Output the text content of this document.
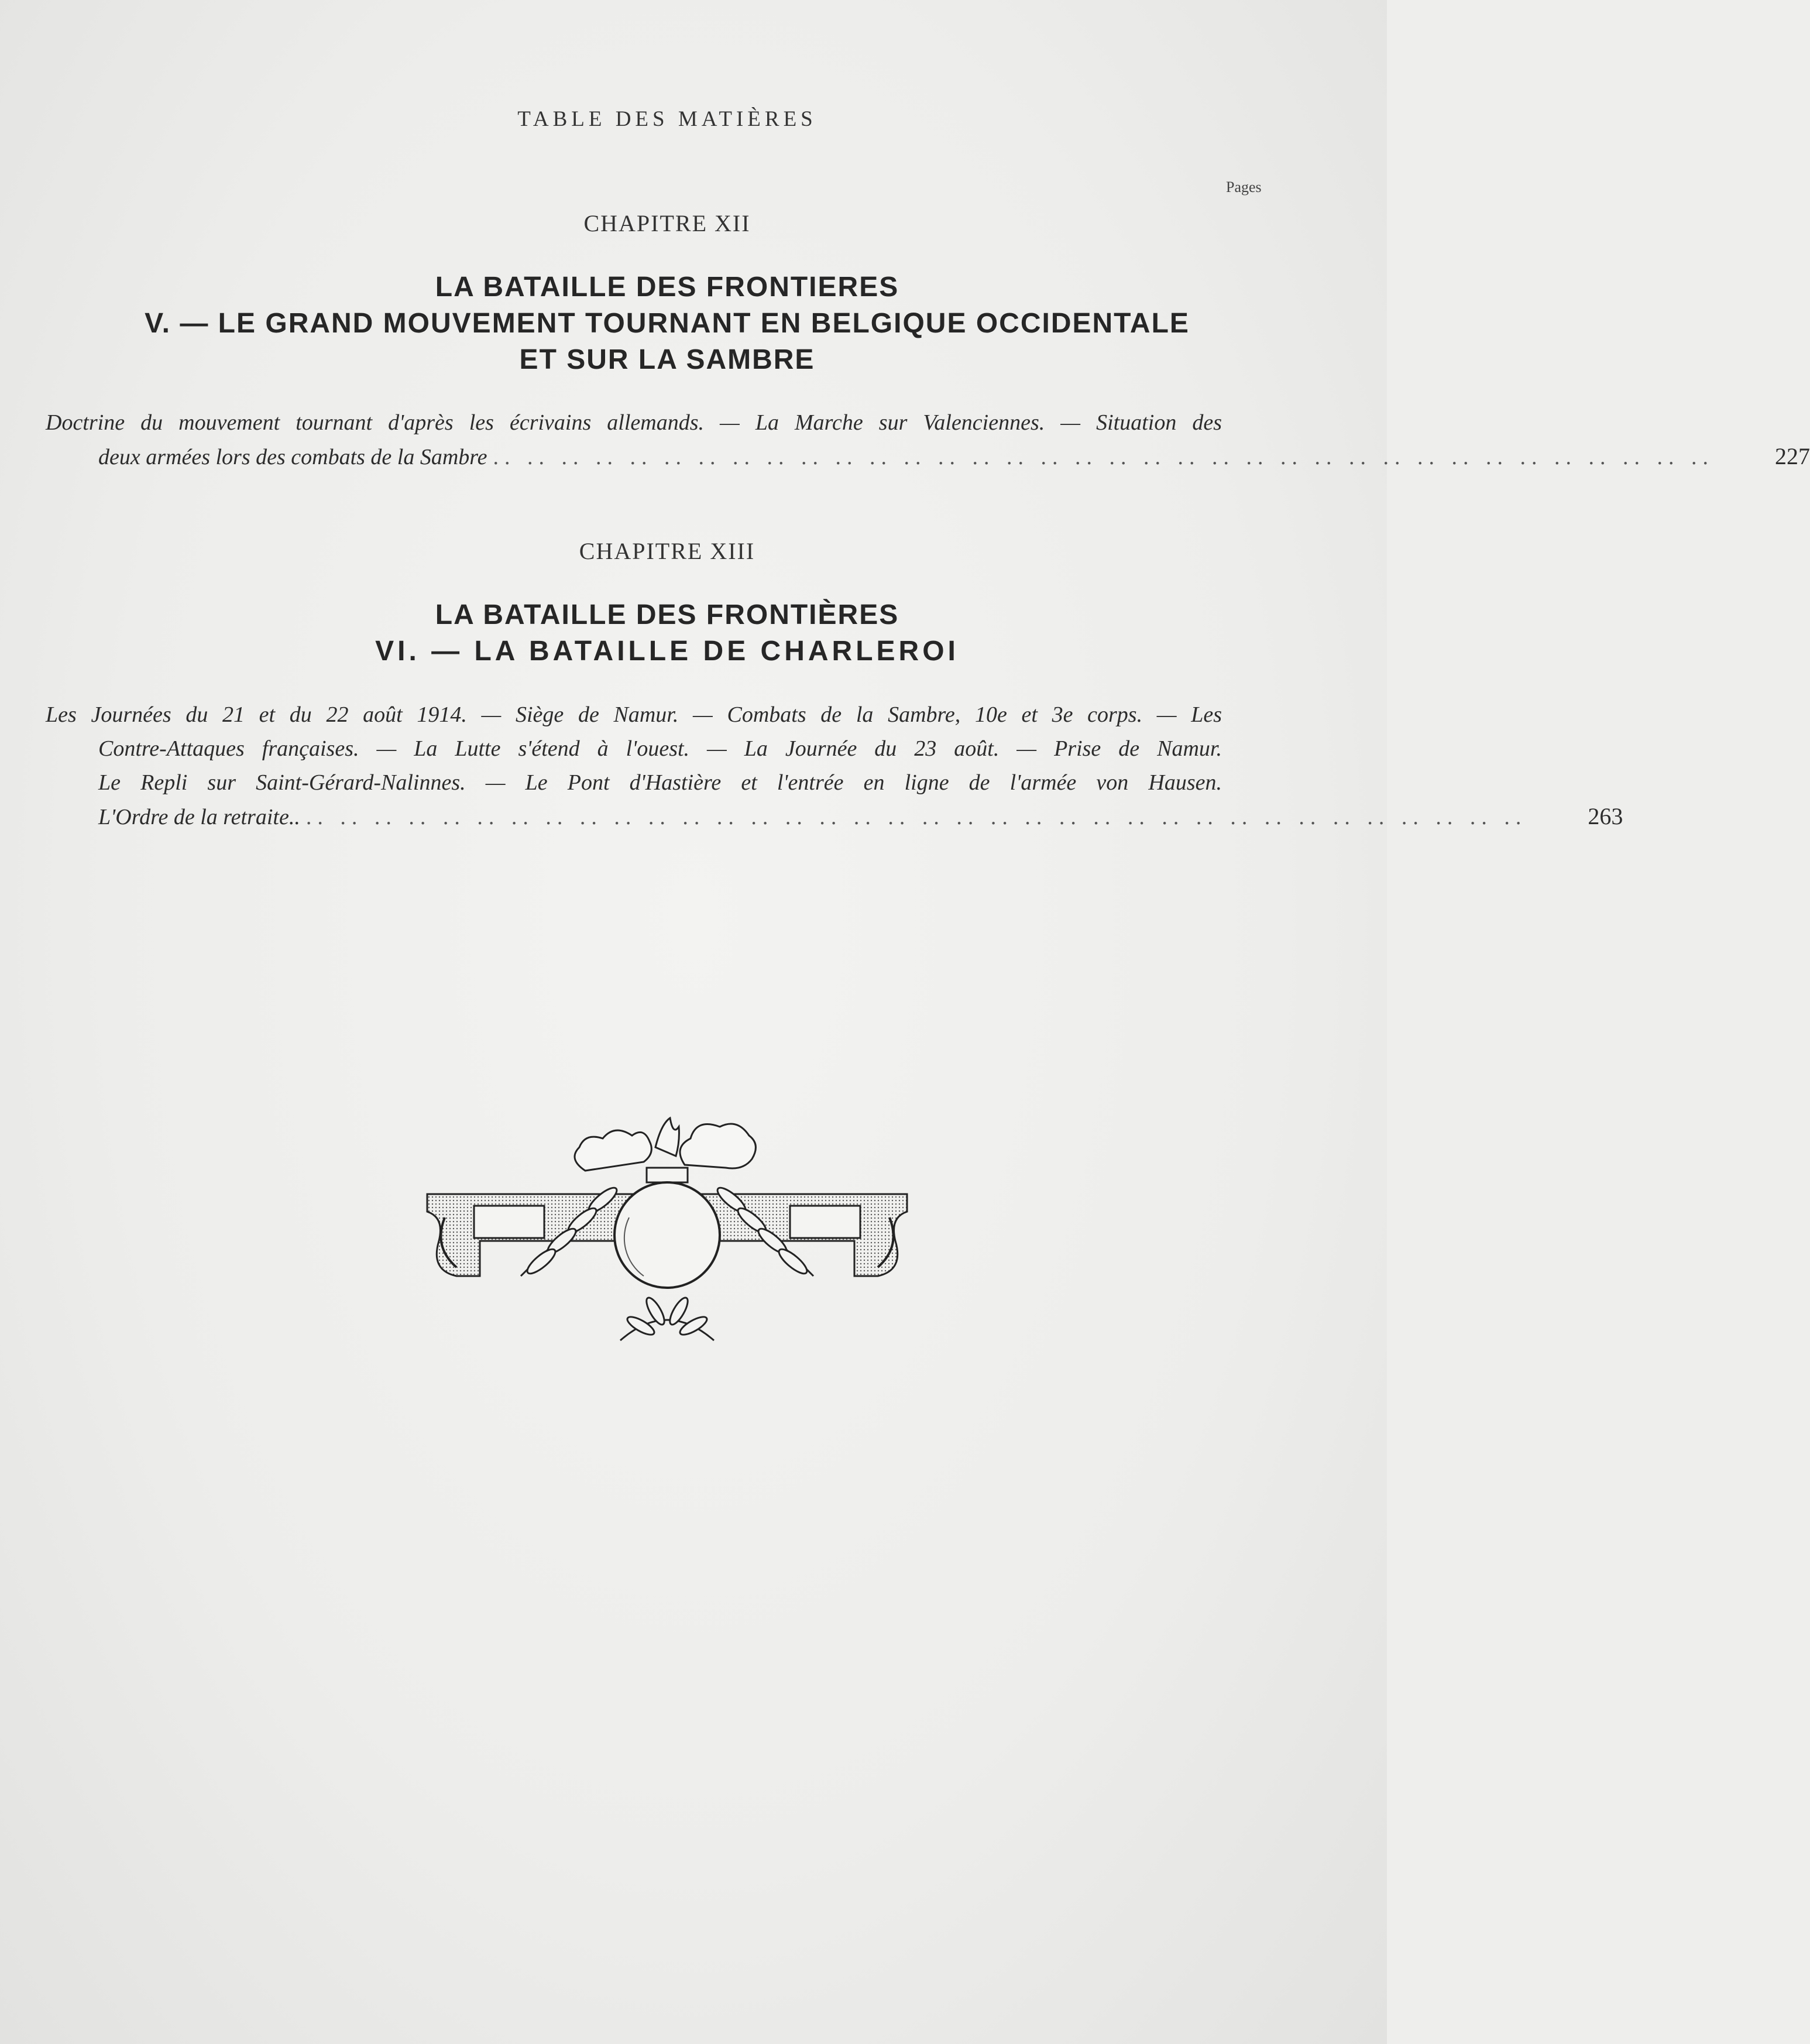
TABLE DES MATIÈRES
Pages
CHAPITRE XII
LA BATAILLE DES FRONTIERES
V. — LE GRAND MOUVEMENT TOURNANT EN BELGIQUE OCCIDENTALE
ET SUR LA SAMBRE
Doctrine du mouvement tournant d'après les écrivains allemands. — La Marche sur Valenciennes. — Situation des
deux armées lors des combats de la Sambre .. .. .. .. .. .. .. .. .. .. .. .. .. .. .. .. .. .. .. .. .. .. .. .. .. .. .. .. .. .. .. .. .. .. .. ..	227
CHAPITRE XIII
LA BATAILLE DES FRONTIÈRES
VI. — LA BATAILLE DE CHARLEROI
Les Journées du 21 et du 22 août 1914. — Siège de Namur. — Combats de la Sambre, 10e et 3e corps. — Les
Contre-Attaques françaises. — La Lutte s'étend à l'ouest. — La Journée du 23 août. — Prise de Namur.
Le Repli sur Saint-Gérard-Nalinnes. — Le Pont d'Hastière et l'entrée en ligne de l'armée von Hausen.
L'Ordre de la retraite.. .. .. .. .. .. .. .. .. .. .. .. .. .. .. .. .. .. .. .. .. .. .. .. .. .. .. .. .. .. .. .. .. .. .. .. ..	263
